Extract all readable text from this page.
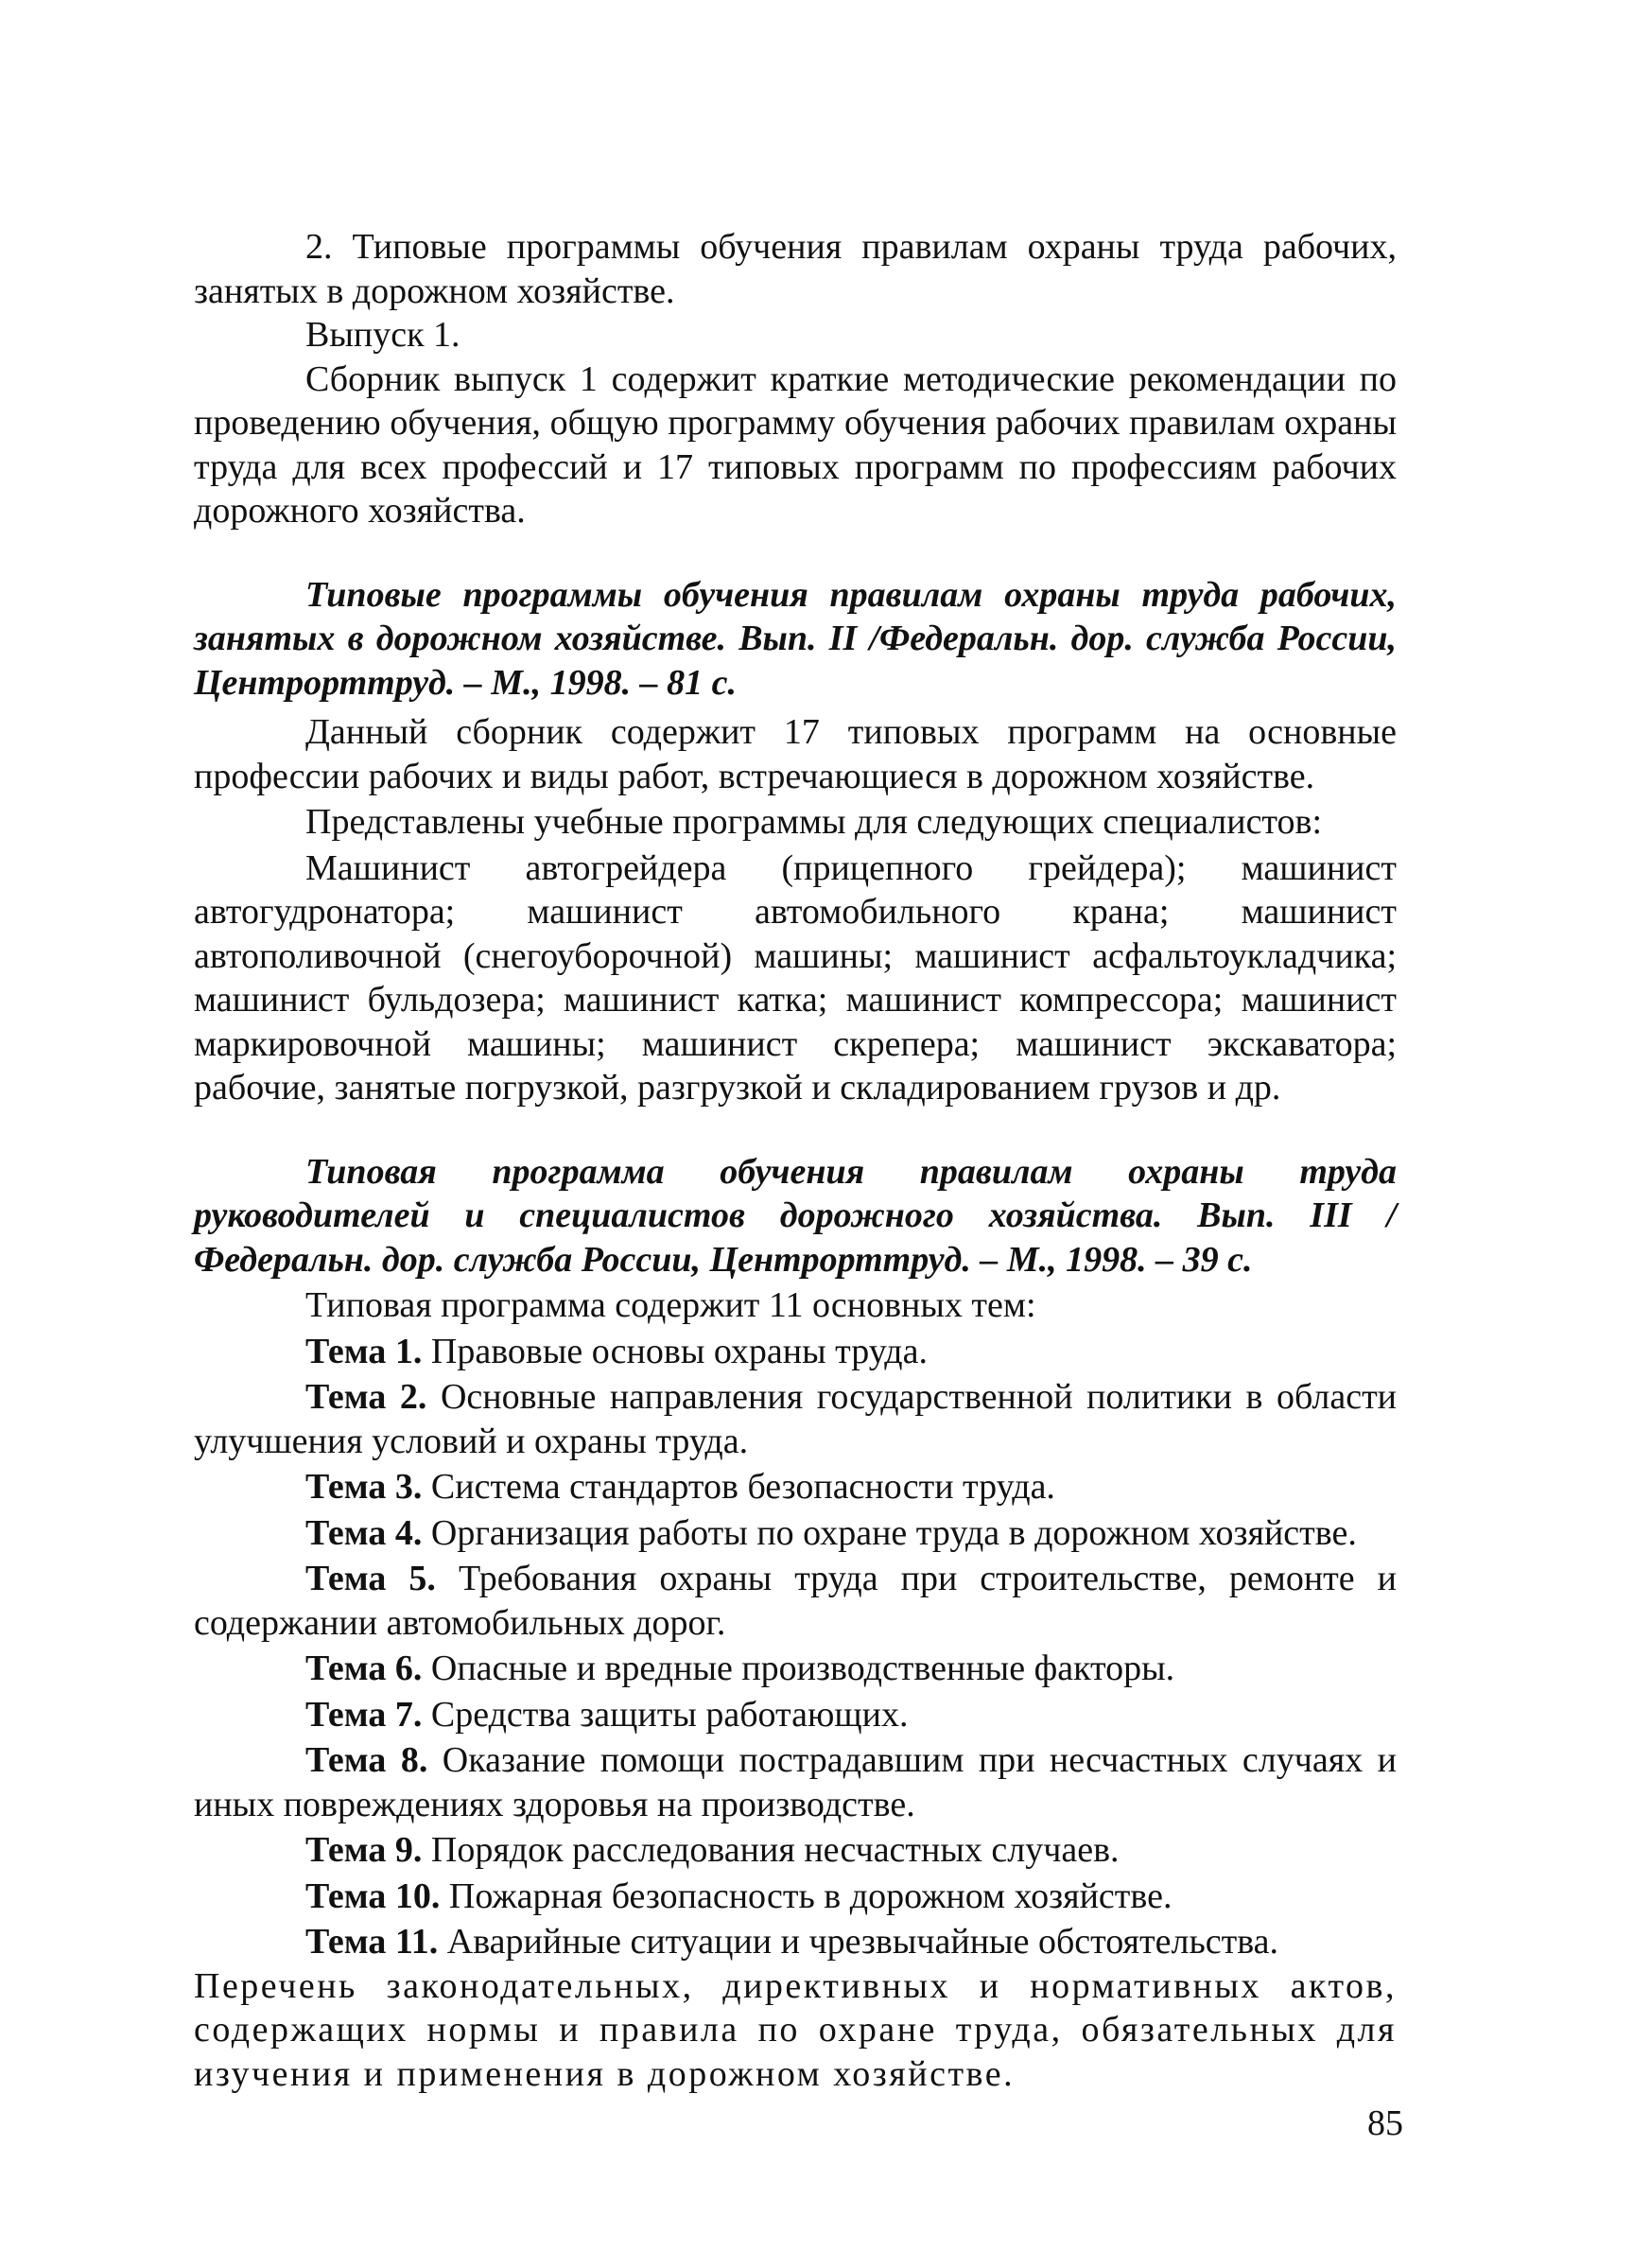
2. Типовые программы обучения правилам охраны труда рабочих, занятых в дорожном хозяйстве.

Выпуск 1.

Сборник выпуск 1 содержит краткие методические рекомендации по проведению обучения, общую программу обучения рабочих правилам охраны труда для всех профессий и 17 типовых программ по профессиям рабочих дорожного хозяйства.

Типовые программы обучения правилам охраны труда рабочих, занятых в дорожном хозяйстве. Вып. II /Федеральн. дор. служба России, Центрорттруд. – М., 1998. – 81 с.

Данный сборник содержит 17 типовых программ на основные профессии рабочих и виды работ, встречающиеся в дорожном хозяйстве.

Представлены учебные программы для следующих специалистов:

Машинист автогрейдера (прицепного грейдера); машинист автогудронатора; машинист автомобильного крана; машинист автополивочной (снегоуборочной) машины; машинист асфальтоукладчика; машинист бульдозера; машинист катка; машинист компрессора; машинист маркировочной машины; машинист скрепера; машинист экскаватора; рабочие, занятые погрузкой, разгрузкой и складированием грузов и др.

Типовая программа обучения правилам охраны труда руководителей и специалистов дорожного хозяйства. Вып. III / Федеральн. дор. служба России, Центрорттруд. – М., 1998. – 39 с.

Типовая программа содержит 11 основных тем:

Тема 1. Правовые основы охраны труда.

Тема 2. Основные направления государственной политики в области улучшения условий и охраны труда.

Тема 3. Система стандартов безопасности труда.

Тема 4. Организация работы по охране труда в дорожном хозяйстве.

Тема 5. Требования охраны труда при строительстве, ремонте и содержании автомобильных дорог.

Тема 6. Опасные и вредные производственные факторы.

Тема 7. Средства защиты работающих.

Тема 8. Оказание помощи пострадавшим при несчастных случаях и иных повреждениях здоровья на производстве.

Тема 9. Порядок расследования несчастных случаев.

Тема 10. Пожарная безопасность в дорожном хозяйстве.

Тема 11. Аварийные ситуации и чрезвычайные обстоятельства.

Перечень законодательных, директивных и нормативных актов, содержащих нормы и правила по охране труда, обязательных для изучения и применения в дорожном хозяйстве.

85
